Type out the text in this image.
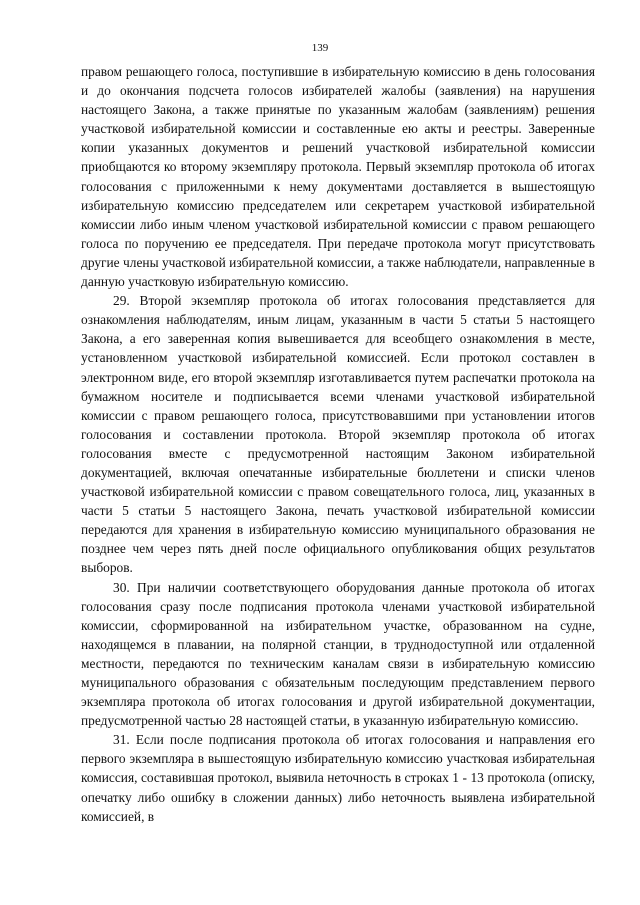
139

правом решающего голоса, поступившие в избирательную комиссию в день голосования и до окончания подсчета голосов избирателей жалобы (заявления) на нарушения настоящего Закона, а также принятые по указанным жалобам (заявлениям) решения участковой избирательной комиссии и составленные ею акты и реестры. Заверенные копии указанных документов и решений участковой избирательной комиссии приобщаются ко второму экземпляру протокола. Первый экземпляр протокола об итогах голосования с приложенными к нему документами доставляется в вышестоящую избирательную комиссию председателем или секретарем участковой избирательной комиссии либо иным членом участковой избирательной комиссии с правом решающего голоса по поручению ее председателя. При передаче протокола могут присутствовать другие члены участковой избирательной комиссии, а также наблюдатели, направленные в данную участковую избирательную комиссию.

29. Второй экземпляр протокола об итогах голосования представляется для ознакомления наблюдателям, иным лицам, указанным в части 5 статьи 5 настоящего Закона, а его заверенная копия вывешивается для всеобщего ознакомления в месте, установленном участковой избирательной комиссией. Если протокол составлен в электронном виде, его второй экземпляр изготавливается путем распечатки протокола на бумажном носителе и подписывается всеми членами участковой избирательной комиссии с правом решающего голоса, присутствовавшими при установлении итогов голосования и составлении протокола. Второй экземпляр протокола об итогах голосования вместе с предусмотренной настоящим Законом избирательной документацией, включая опечатанные избирательные бюллетени и списки членов участковой избирательной комиссии с правом совещательного голоса, лиц, указанных в части 5 статьи 5 настоящего Закона, печать участковой избирательной комиссии передаются для хранения в избирательную комиссию муниципального образования не позднее чем через пять дней после официального опубликования общих результатов выборов.

30. При наличии соответствующего оборудования данные протокола об итогах голосования сразу после подписания протокола членами участковой избирательной комиссии, сформированной на избирательном участке, образованном на судне, находящемся в плавании, на полярной станции, в труднодоступной или отдаленной местности, передаются по техническим каналам связи в избирательную комиссию муниципального образования с обязательным последующим представлением первого экземпляра протокола об итогах голосования и другой избирательной документации, предусмотренной частью 28 настоящей статьи, в указанную избирательную комиссию.

31. Если после подписания протокола об итогах голосования и направления его первого экземпляра в вышестоящую избирательную комиссию участковая избирательная комиссия, составившая протокол, выявила неточность в строках 1 - 13 протокола (описку, опечатку либо ошибку в сложении данных) либо неточность выявлена избирательной комиссией, в
